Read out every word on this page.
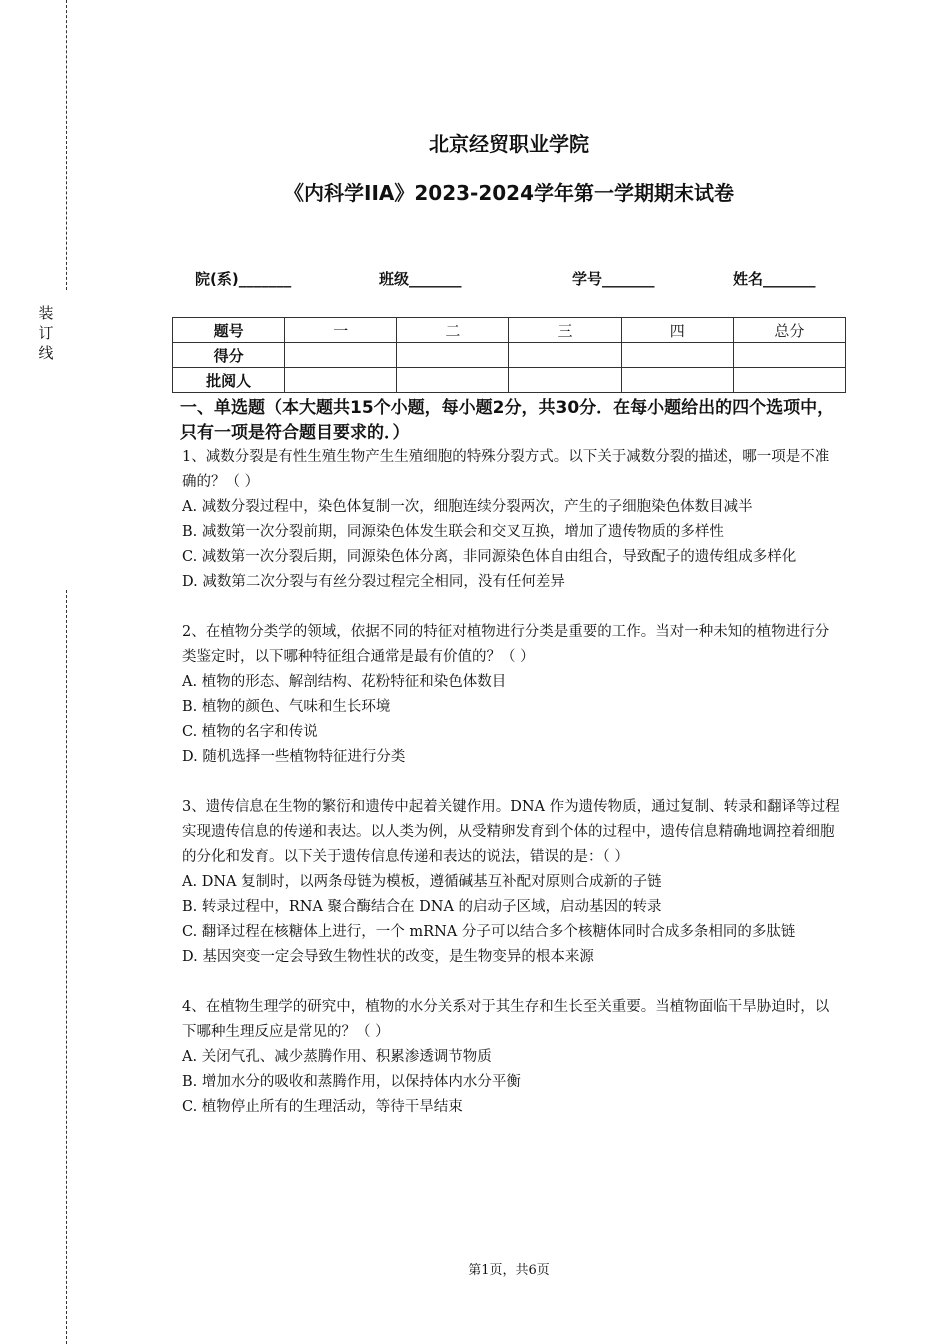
装订线
北京经贸职业学院
《内科学IIA》2023-2024学年第一学期期末试卷
院(系)_______	班级_______	学号_______	姓名_______
题号	一	二	三	四	总分
得分					
批阅人					
一、单选题（本大题共15个小题，每小题2分，共30分．在每小题给出的四个选项中，只有一项是符合题目要求的．）

1、减数分裂是有性生殖生物产生生殖细胞的特殊分裂方式。以下关于减数分裂的描述，哪一项是不准确的？（ ）

A. 减数分裂过程中，染色体复制一次，细胞连续分裂两次，产生的子细胞染色体数目减半

B. 减数第一次分裂前期，同源染色体发生联会和交叉互换，增加了遗传物质的多样性

C. 减数第一次分裂后期，同源染色体分离，非同源染色体自由组合，导致配子的遗传组成多样化

D. 减数第二次分裂与有丝分裂过程完全相同，没有任何差异

2、在植物分类学的领域，依据不同的特征对植物进行分类是重要的工作。当对一种未知的植物进行分类鉴定时，以下哪种特征组合通常是最有价值的？（ ）

A. 植物的形态、解剖结构、花粉特征和染色体数目

B. 植物的颜色、气味和生长环境

C. 植物的名字和传说

D. 随机选择一些植物特征进行分类

3、遗传信息在生物的繁衍和遗传中起着关键作用。DNA 作为遗传物质，通过复制、转录和翻译等过程实现遗传信息的传递和表达。以人类为例，从受精卵发育到个体的过程中，遗传信息精确地调控着细胞的分化和发育。以下关于遗传信息传递和表达的说法，错误的是：（ ）

A. DNA 复制时，以两条母链为模板，遵循碱基互补配对原则合成新的子链

B. 转录过程中，RNA 聚合酶结合在 DNA 的启动子区域，启动基因的转录

C. 翻译过程在核糖体上进行，一个 mRNA 分子可以结合多个核糖体同时合成多条相同的多肽链

D. 基因突变一定会导致生物性状的改变，是生物变异的根本来源

4、在植物生理学的研究中，植物的水分关系对于其生存和生长至关重要。当植物面临干旱胁迫时，以下哪种生理反应是常见的？（ ）

A. 关闭气孔、减少蒸腾作用、积累渗透调节物质

B. 增加水分的吸收和蒸腾作用，以保持体内水分平衡

C. 植物停止所有的生理活动，等待干旱结束

第1页，共6页
